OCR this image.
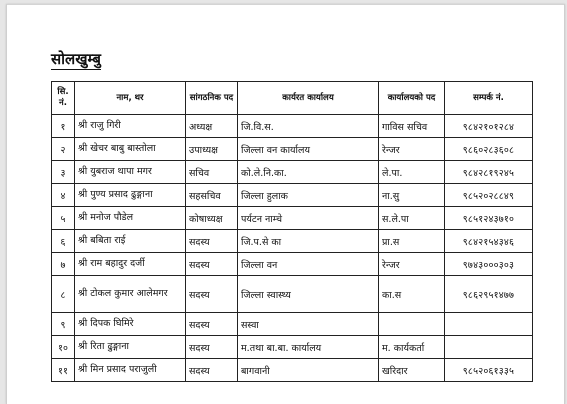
सोलखुम्बु
सि. नं.	नाम, थर	सांगठनिक पद	कार्यरत कार्यालय	कार्यालयको पद	सम्पर्क नं.
१	श्री राजु गिरी	अध्यक्ष	जि.वि.स.	गाविस सचिव	९८४२१०१२८४
२	श्री खेचर बाबु बास्तोला	उपाध्यक्ष	जिल्ला वन कार्यालय	रेन्जर	९८६०२८३६०८
३	श्री युबराज थापा मगर	सचिव	को.ले.नि.का.	ले.पा.	९८४२८१९२४५
४	श्री पुण्य प्रसाद ढुङ्गाना	सहसचिव	जिल्ला हुलाक	ना.सु	९८५२०२८८४९
५	श्री मनोज पौडेल	कोषाध्यक्ष	पर्यटन नाम्चे	स.ले.पा	९८५१२४३७१०
६	श्री बबिता राई	सदस्य	जि.प.से का	प्रा.स	९८४२१५४३४६
७	श्री राम बहादुर दर्जी	सदस्य	जिल्ला वन	रेन्जर	९७४३०००३०३
८	श्री टोकल कुमार आलेमगर	सदस्य	जिल्ला स्वास्थ्य	का.स	९८६२९५१४७७
९	श्री दिपक घिमिरे	सदस्य	सस्वा		
१०	श्री रिता ढुङ्गाना	सदस्य	म.तथा बा.बा. कार्यालय	म. कार्यकर्ता	
११	श्री मिन प्रसाद पराजुली	सदस्य	बागवानी	खरिदार	९८५२०६१३३५
